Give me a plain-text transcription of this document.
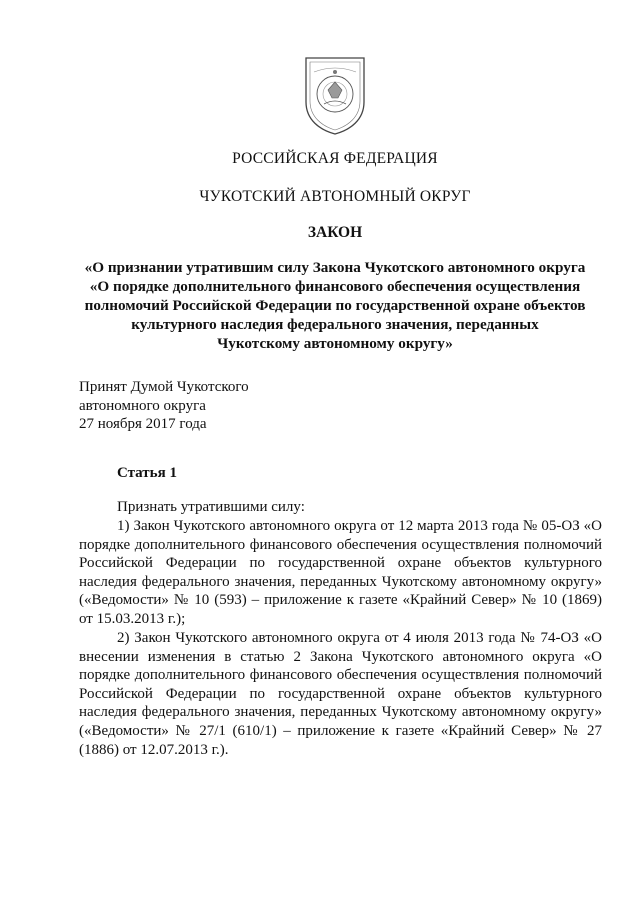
РОССИЙСКАЯ ФЕДЕРАЦИЯ
ЧУКОТСКИЙ АВТОНОМНЫЙ ОКРУГ
ЗАКОН
«О признании утратившим силу Закона Чукотского автономного округа
«О порядке дополнительного финансового обеспечения осуществления
полномочий Российской Федерации по государственной охране объектов
культурного наследия федерального значения, переданных
Чукотскому автономному округу»
Принят Думой Чукотского
автономного округа
27 ноября 2017 года
Статья 1
Признать утратившими силу:
1) Закон Чукотского автономного округа от 12 марта 2013 года № 05-ОЗ «О порядке дополнительного финансового обеспечения осуществления полномочий Российской Федерации по государственной охране объектов культурного наследия федерального значения, переданных Чукотскому автономному округу» («Ведомости» № 10 (593) – приложение к газете «Крайний Север» № 10 (1869) от 15.03.2013 г.);
2) Закон Чукотского автономного округа от 4 июля 2013 года № 74-ОЗ «О внесении изменения в статью 2 Закона Чукотского автономного округа «О порядке дополнительного финансового обеспечения осуществления полномочий Российской Федерации по государственной охране объектов культурного наследия федерального значения, переданных Чукотскому автономному округу» («Ведомости» № 27/1 (610/1) – приложение к газете «Крайний Север» № 27 (1886) от 12.07.2013 г.).
